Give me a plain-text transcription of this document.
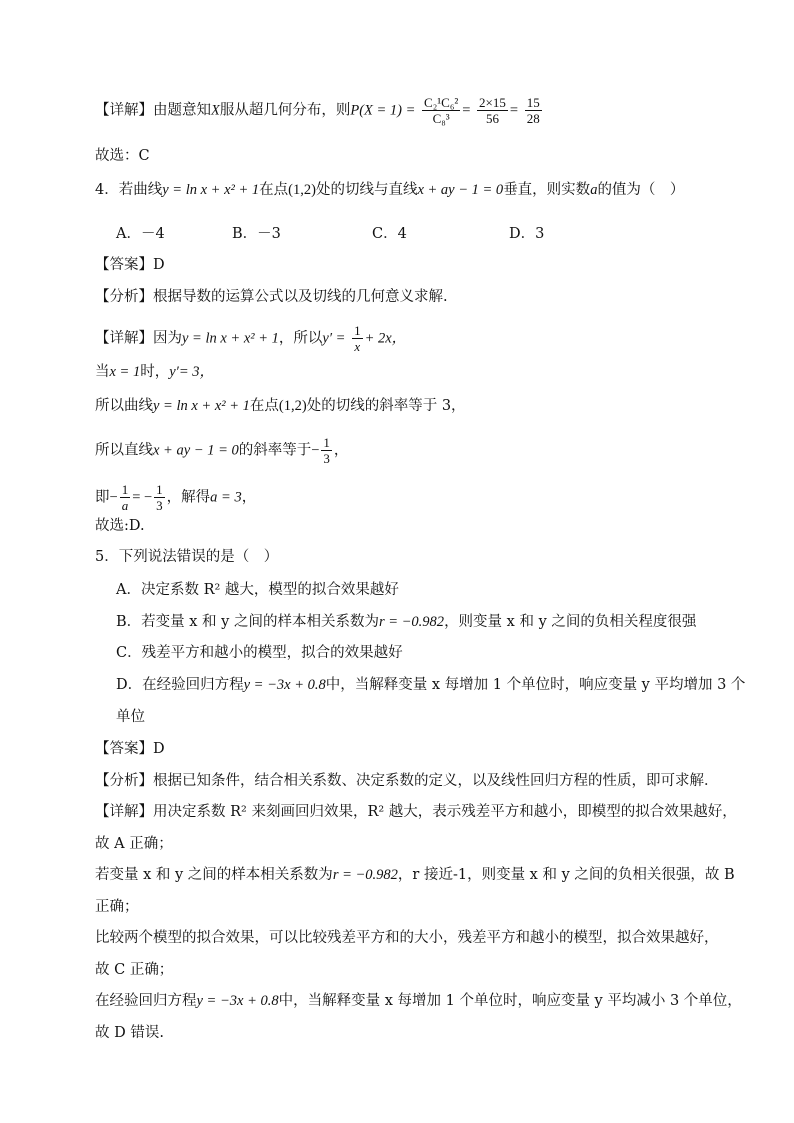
【详解】由题意知X服从超几何分布，则$P(X = 1) = \frac{\text{C₂¹C₆²}}{\text{C₈³}} = \frac{2\times 15}{56} = \frac{15}{28}$
故选：C
4．若曲线y = ln x + x² + 1在点(1,2)处的切线与直线x + ay − 1 = 0垂直，则实数a的值为（　）
A．－4	B．－3	C．4	D．3
【答案】D
【分析】根据导数的运算公式以及切线的几何意义求解.
【详解】因为y = ln x + x² + 1，所以$y' = \frac{1}{x} + 2x$，
当x = 1时，y′= 3，
所以曲线y = ln x + x² + 1在点(1,2)处的切线的斜率等于 3，
所以直线x + ay − 1 = 0的斜率等于− $\frac{1}{3}$ ，
即− $\frac{1}{a}$ = − $\frac{1}{3}$ ，解得a = 3，
故选:D.
5．下列说法错误的是（　）
A．决定系数 R² 越大，模型的拟合效果越好
B．若变量 x 和 y 之间的样本相关系数为r = −0.982，则变量 x 和 y 之间的负相关程度很强
C．残差平方和越小的模型，拟合的效果越好
D．在经验回归方程y = −3x + 0.8中，当解释变量 x 每增加 1 个单位时，响应变量 y 平均增加 3 个
单位
【答案】D
【分析】根据已知条件，结合相关系数、决定系数的定义，以及线性回归方程的性质，即可求解．
【详解】用决定系数 R² 来刻画回归效果，R² 越大，表示残差平方和越小，即模型的拟合效果越好，
故 A 正确；
若变量 x 和 y 之间的样本相关系数为r = −0.982，r 接近-1，则变量 x 和 y 之间的负相关很强，故 B
正确；
比较两个模型的拟合效果，可以比较残差平方和的大小，残差平方和越小的模型，拟合效果越好，
故 C 正确；
在经验回归方程y = −3x + 0.8中，当解释变量 x 每增加 1 个单位时，响应变量 y 平均减小 3 个单位，
故 D 错误.
